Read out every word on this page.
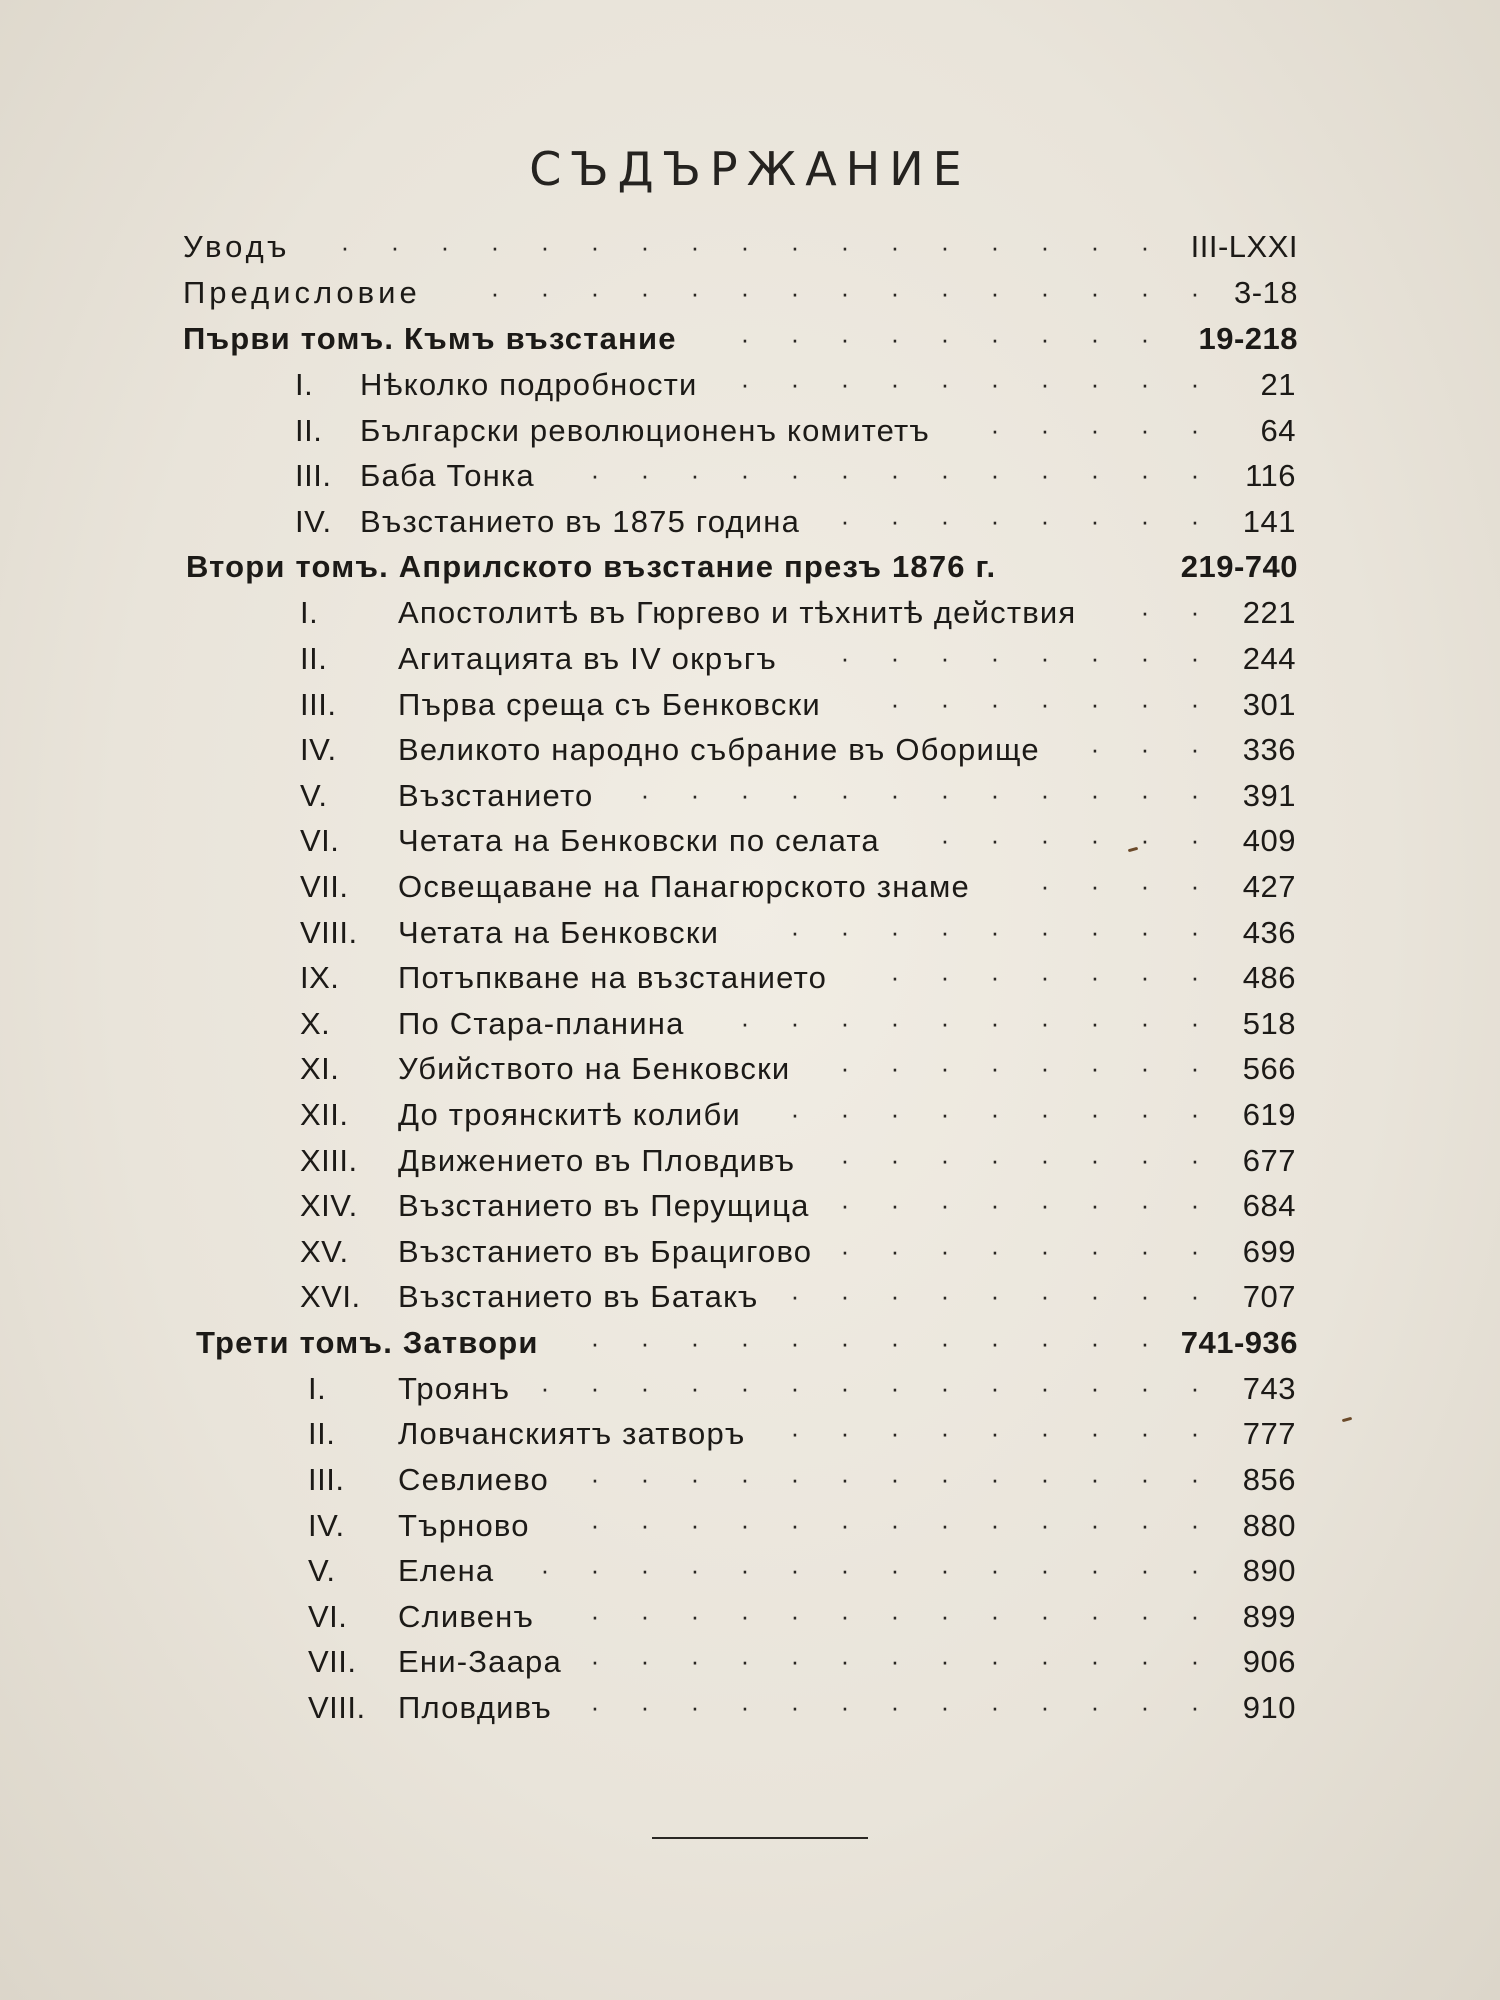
СЪДЪРЖАНИЕ
Уводъ	· · · · · · · · · · · · · · · · ·	III-LXXI
Предисловие	· · · · · · · · · · · · · · ·	3-18
Първи томъ. Къмъ възстание	· · · · · · · · ·	19-218
I.	Нѣколко подробности	· · · · · · · · · ·	21
II.	Български революционенъ комитетъ	· · · · ·	64
III. Баба Тонка	· · · · · · · · · · · · ·	116
IV. Възстанието въ 1875 година	· · · · · · · ·	141
Втори томъ. Априлското възстание презъ 1876 г.	219-740
I.	Апостолитѣ въ Гюргево и тѣхнитѣ действия	· ·	221
II.	Агитацията въ IV окръгъ	· · · · · · · ·	244
III.	Първа среща съ Бенковски	· · · · · · ·	301
IV.	Великото народно събрание въ Оборище	· · ·	336
V.	Възстанието	· · · · · · · · · · · ·	391
VI.	Четата на Бенковски по селата	· · · · · ·	409
VII. Освещаване на Панагюрското знаме	· · · ·	427
VIII. Четата на Бенковски	· · · · · · · · ·	436
IX.	Потъпкване на възстанието	· · · · · · ·	486
X.	По Стара-планина	· · · · · · · · · ·	518
XI.	Убийството на Бенковски	· · · · · · · ·	566
XII. До троянскитѣ колиби	· · · · · · · · ·	619
XIII. Движението въ Пловдивъ	· · · · · · · ·	677
XIV. Възстанието въ Перущица	· · · · · · · ·	684
XV. Възстанието въ Брацигово	· · · · · · · ·	699
XVI. Възстанието въ Батакъ	· · · · · · · · ·	707
Трети томъ. Затвори	· · · · · · · · · · · ·	741-936
I.	Троянъ	· · · · · · · · · · · · · ·	743
II.	Ловчанскиятъ затворъ	· · · · · · · · ·	777
III.	Севлиево	· · · · · · · · · · · · ·	856
IV.	Търново	· · · · · · · · · · · · ·	880
V.	Елена	· · · · · · · · · · · · · ·	890
VI.	Сливенъ	· · · · · · · · · · · · ·	899
VII. Ени-Заара	· · · · · · · · · · · · ·	906
VIII. Пловдивъ	· · · · · · · · · · · · ·	910
